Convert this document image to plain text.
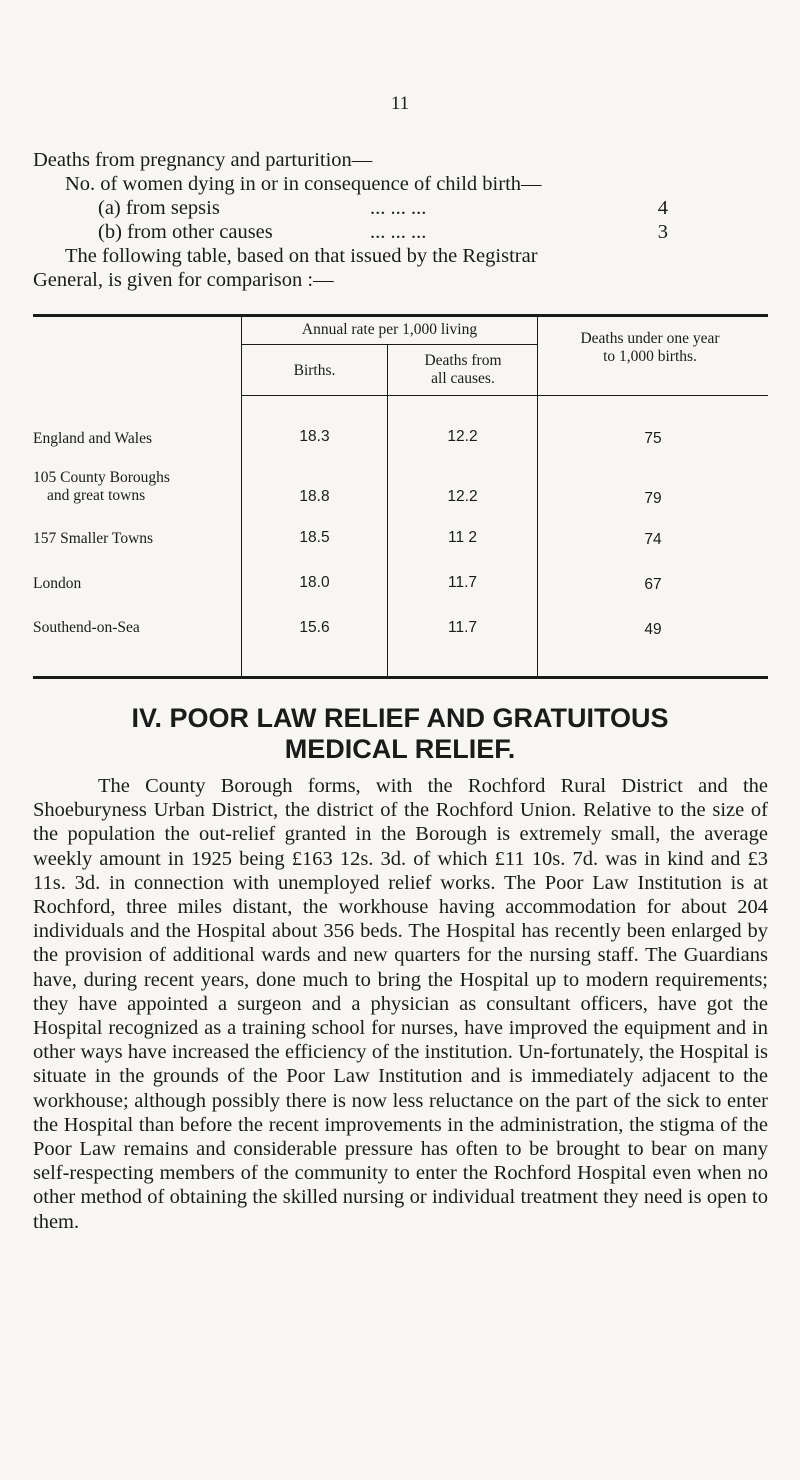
11
Deaths from pregnancy and parturition—
No. of women dying in or in consequence of child birth—
(a) from sepsis	... ... ...	4
(b) from other causes	... ... ...	3
The following table, based on that issued by the Registrar
General, is given for comparison :—
Annual rate per 1,000 living
Births.
Deaths from all causes.
Deaths under one year to 1,000 births.
England and Wales	18.3	12.2	75
105 County Boroughs
and great towns	18.8	12.2	79
157 Smaller Towns	18.5	11 2	74
London	18.0	11.7	67
Southend-on-Sea	15.6	11.7	49
IV. POOR LAW RELIEF AND GRATUITOUS
MEDICAL RELIEF.

The County Borough forms, with the Rochford Rural District and the Shoeburyness Urban District, the district of the Rochford Union. Relative to the size of the population the out-relief granted in the Borough is extremely small, the average weekly amount in 1925 being £163 12s. 3d. of which £11 10s. 7d. was in kind and £3 11s. 3d. in connection with unemployed relief works. The Poor Law Institution is at Rochford, three miles distant, the workhouse having accommodation for about 204 individuals and the Hospital about 356 beds. The Hospital has recently been enlarged by the provision of additional wards and new quarters for the nursing staff. The Guardians have, during recent years, done much to bring the Hospital up to modern requirements; they have appointed a surgeon and a physician as consultant officers, have got the Hospital recognized as a training school for nurses, have improved the equipment and in other ways have increased the efficiency of the institution. Un-fortunately, the Hospital is situate in the grounds of the Poor Law Institution and is immediately adjacent to the workhouse; although possibly there is now less reluctance on the part of the sick to enter the Hospital than before the recent improvements in the administration, the stigma of the Poor Law remains and considerable pressure has often to be brought to bear on many self-respecting members of the community to enter the Rochford Hospital even when no other method of obtaining the skilled nursing or individual treatment they need is open to them.
